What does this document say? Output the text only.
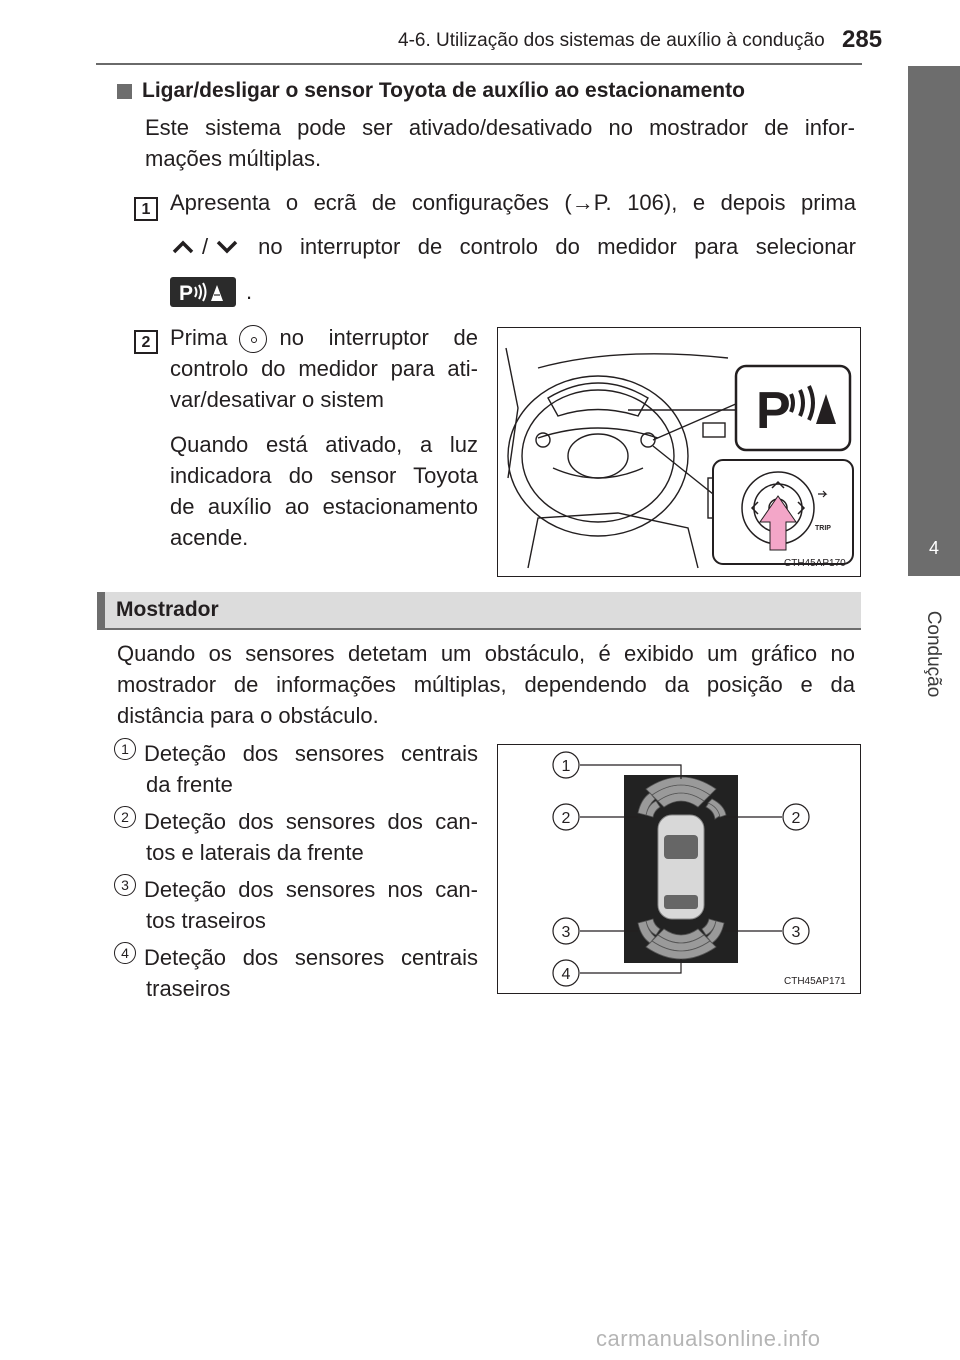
4-6. Utilização dos sistemas de auxílio à condução 285
4
Condução
Ligar/desligar o sensor Toyota de auxílio ao estacionamento
Este sistema pode ser ativado/desativado no mostrador de infor-
mações múltiplas.
1 Apresenta o ecrã de configurações (→P. 106), e depois prima
/	no interruptor de controlo do medidor para selecionar
P .
2 Prima no interruptor de
controlo do medidor para ati-
var/desativar o sistem
Quando está ativado, a luz
indicadora do sensor Toyota
de auxílio ao estacionamento
acende.
P
TRIP
CTH45AP170
Mostrador
Quando os sensores detetam um obstáculo, é exibido um gráfico no
mostrador de informações múltiplas, dependendo da posição e da
distância para o obstáculo.
1 Deteção dos sensores centrais
da frente
2 Deteção dos sensores dos can-
tos e laterais da frente
3 Deteção dos sensores nos can-
tos traseiros
4 Deteção dos sensores centrais
traseiros
1
2	2
3	3
4	CTH45AP171
carmanualsonline.info
